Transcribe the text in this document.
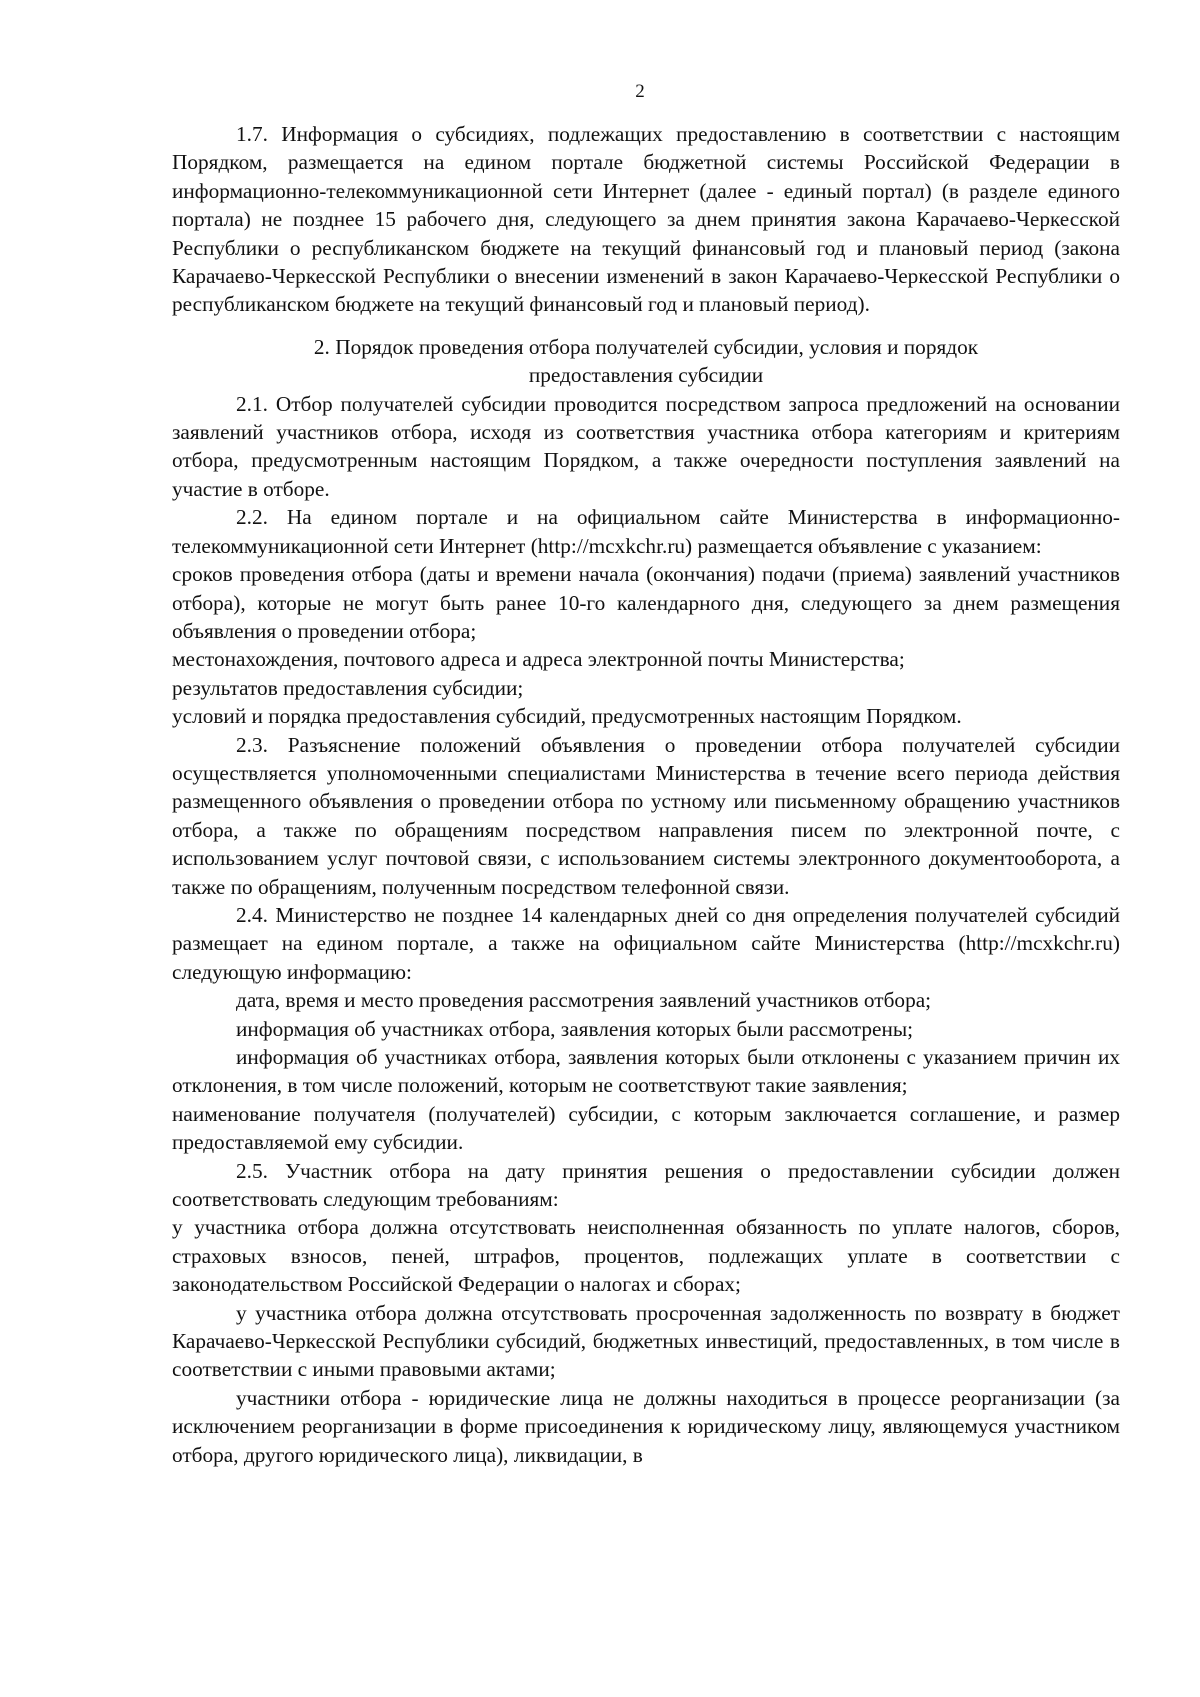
2

1.7. Информация о субсидиях, подлежащих предоставлению в соответствии с настоящим Порядком, размещается на едином портале бюджетной системы Российской Федерации в информационно-телекоммуникационной сети Интернет (далее - единый портал) (в разделе единого портала) не позднее 15 рабочего дня, следующего за днем принятия закона Карачаево-Черкесской Республики о республиканском бюджете на текущий финансовый год и плановый период (закона Карачаево-Черкесской Республики о внесении изменений в закон Карачаево-Черкесской Республики о республиканском бюджете на текущий финансовый год и плановый период).

2. Порядок проведения отбора получателей субсидии, условия и порядок
предоставления субсидии

2.1. Отбор получателей субсидии проводится посредством запроса предложений на основании заявлений участников отбора, исходя из соответствия участника отбора категориям и критериям отбора, предусмотренным настоящим Порядком, а также очередности поступления заявлений на участие в отборе.

2.2. На едином портале и на официальном сайте Министерства в информационно-телекоммуникационной сети Интернет (http://mcxkchr.ru) размещается объявление с указанием:

сроков проведения отбора (даты и времени начала (окончания) подачи (приема) заявлений участников отбора), которые не могут быть ранее 10-го календарного дня, следующего за днем размещения объявления о проведении отбора;

местонахождения, почтового адреса и адреса электронной почты Министерства;

результатов предоставления субсидии;

условий и порядка предоставления субсидий, предусмотренных настоящим Порядком.

2.3. Разъяснение положений объявления о проведении отбора получателей субсидии осуществляется уполномоченными специалистами Министерства в течение всего периода действия размещенного объявления о проведении отбора по устному или письменному обращению участников отбора, а также по обращениям посредством направления писем по электронной почте, с использованием услуг почтовой связи, с использованием системы электронного документооборота, а также по обращениям, полученным посредством телефонной связи.

2.4. Министерство не позднее 14 календарных дней со дня определения получателей субсидий размещает на едином портале, а также на официальном сайте Министерства (http://mcxkchr.ru) следующую информацию:

дата, время и место проведения рассмотрения заявлений участников отбора;

информация об участниках отбора, заявления которых были рассмотрены;

информация об участниках отбора, заявления которых были отклонены с указанием причин их отклонения, в том числе положений, которым не соответствуют такие заявления;

наименование получателя (получателей) субсидии, с которым заключается соглашение, и размер предоставляемой ему субсидии.

2.5. Участник отбора на дату принятия решения о предоставлении субсидии должен соответствовать следующим требованиям:

у участника отбора должна отсутствовать неисполненная обязанность по уплате налогов, сборов, страховых взносов, пеней, штрафов, процентов, подлежащих уплате в соответствии с законодательством Российской Федерации о налогах и сборах;

у участника отбора должна отсутствовать просроченная задолженность по возврату в бюджет Карачаево-Черкесской Республики субсидий, бюджетных инвестиций, предоставленных, в том числе в соответствии с иными правовыми актами;

участники отбора - юридические лица не должны находиться в процессе реорганизации (за исключением реорганизации в форме присоединения к юридическому лицу, являющемуся участником отбора, другого юридического лица), ликвидации, в
